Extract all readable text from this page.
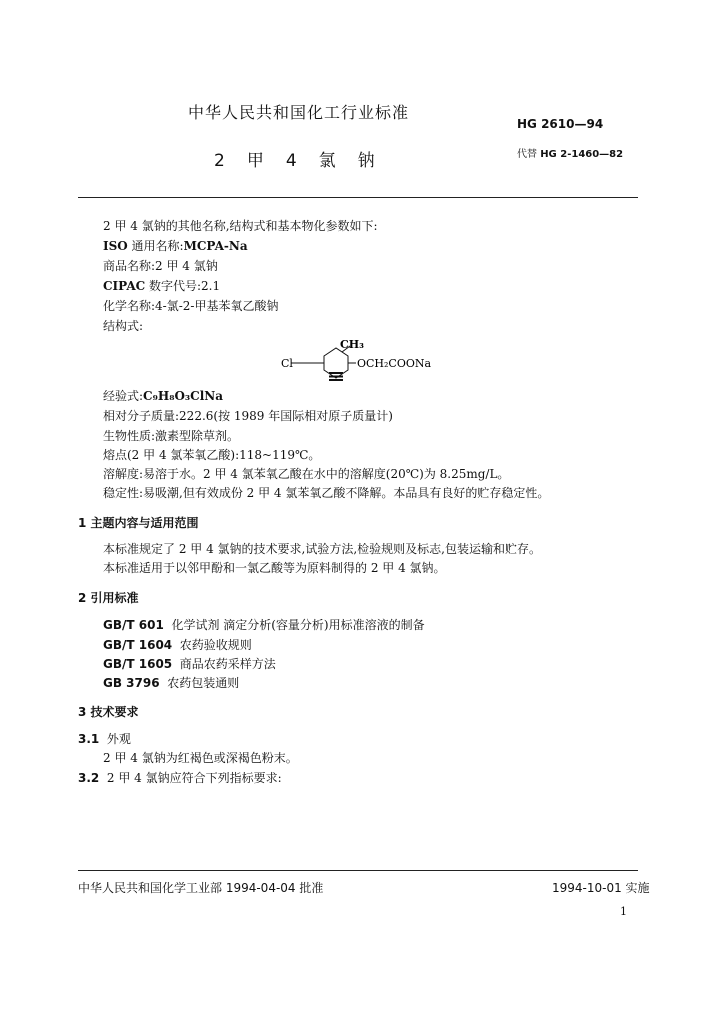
中华人民共和国化工行业标准
HG 2610—94
代替 HG 2-1460—82
2甲4氯钠
2 甲 4 氯钠的其他名称,结构式和基本物化参数如下:
ISO 通用名称:MCPA-Na
商品名称:2 甲 4 氯钠
CIPAC 数字代号:2.1
化学名称:4-氯-2-甲基苯氧乙酸钠
结构式:
CH₃
Cl	OCH₂COONa
经验式:C₉H₈O₃ClNa
相对分子质量:222.6(按 1989 年国际相对原子质量计)
生物性质:激素型除草剂。
熔点(2 甲 4 氯苯氧乙酸):118~119℃。
溶解度:易溶于水。2 甲 4 氯苯氧乙酸在水中的溶解度(20℃)为 8.25mg/L。
稳定性:易吸潮,但有效成份 2 甲 4 氯苯氧乙酸不降解。本品具有良好的贮存稳定性。
1 主题内容与适用范围
本标准规定了 2 甲 4 氯钠的技术要求,试验方法,检验规则及标志,包装运输和贮存。
本标准适用于以邻甲酚和一氯乙酸等为原料制得的 2 甲 4 氯钠。
2 引用标准
GB/T 601 化学试剂 滴定分析(容量分析)用标准溶液的制备
GB/T 1604 农药验收规则
GB/T 1605 商品农药采样方法
GB 3796 农药包装通则
3 技术要求
3.1 外观
2 甲 4 氯钠为红褐色或深褐色粉末。
3.2 2 甲 4 氯钠应符合下列指标要求:
中华人民共和国化学工业部 1994-04-04 批准	1994-10-01 实施
1
